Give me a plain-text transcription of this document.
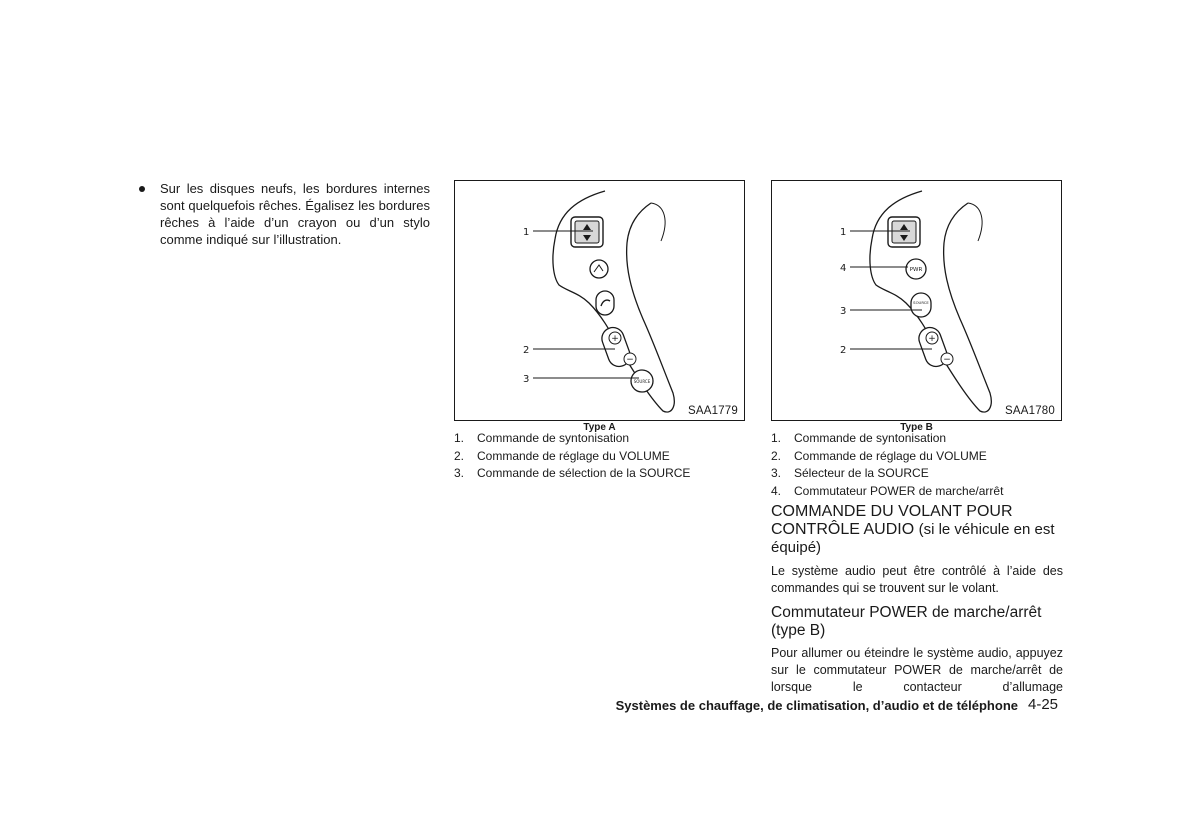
Sur les disques neufs, les bordures internes sont quelquefois rêches. Égalisez les bordures rêches à l’aide d’un crayon ou d’un stylo comme indiqué sur l’illustration.
+
−
SOURCE
1
2
3
SAA1779
Type A
PWR
SOURCE
+
−
1
4
3
2
SAA1780
Type B
1. Commande de syntonisation
2. Commande de réglage du VOLUME
3. Commande de sélection de la SOURCE
1. Commande de syntonisation
2. Commande de réglage du VOLUME
3. Sélecteur de la SOURCE
4. Commutateur POWER de marche/arrêt
COMMANDE DU VOLANT POUR CONTRÔLE AUDIO (si le véhicule en est équipé)
Le système audio peut être contrôlé à l’aide des commandes qui se trouvent sur le volant.
Commutateur POWER de marche/arrêt (type B)
Pour allumer ou éteindre le système audio, appuyez sur le commutateur POWER de marche/arrêt de lorsque le contacteur d’allumage
Systèmes de chauffage, de climatisation, d’audio et de téléphone 4-25
